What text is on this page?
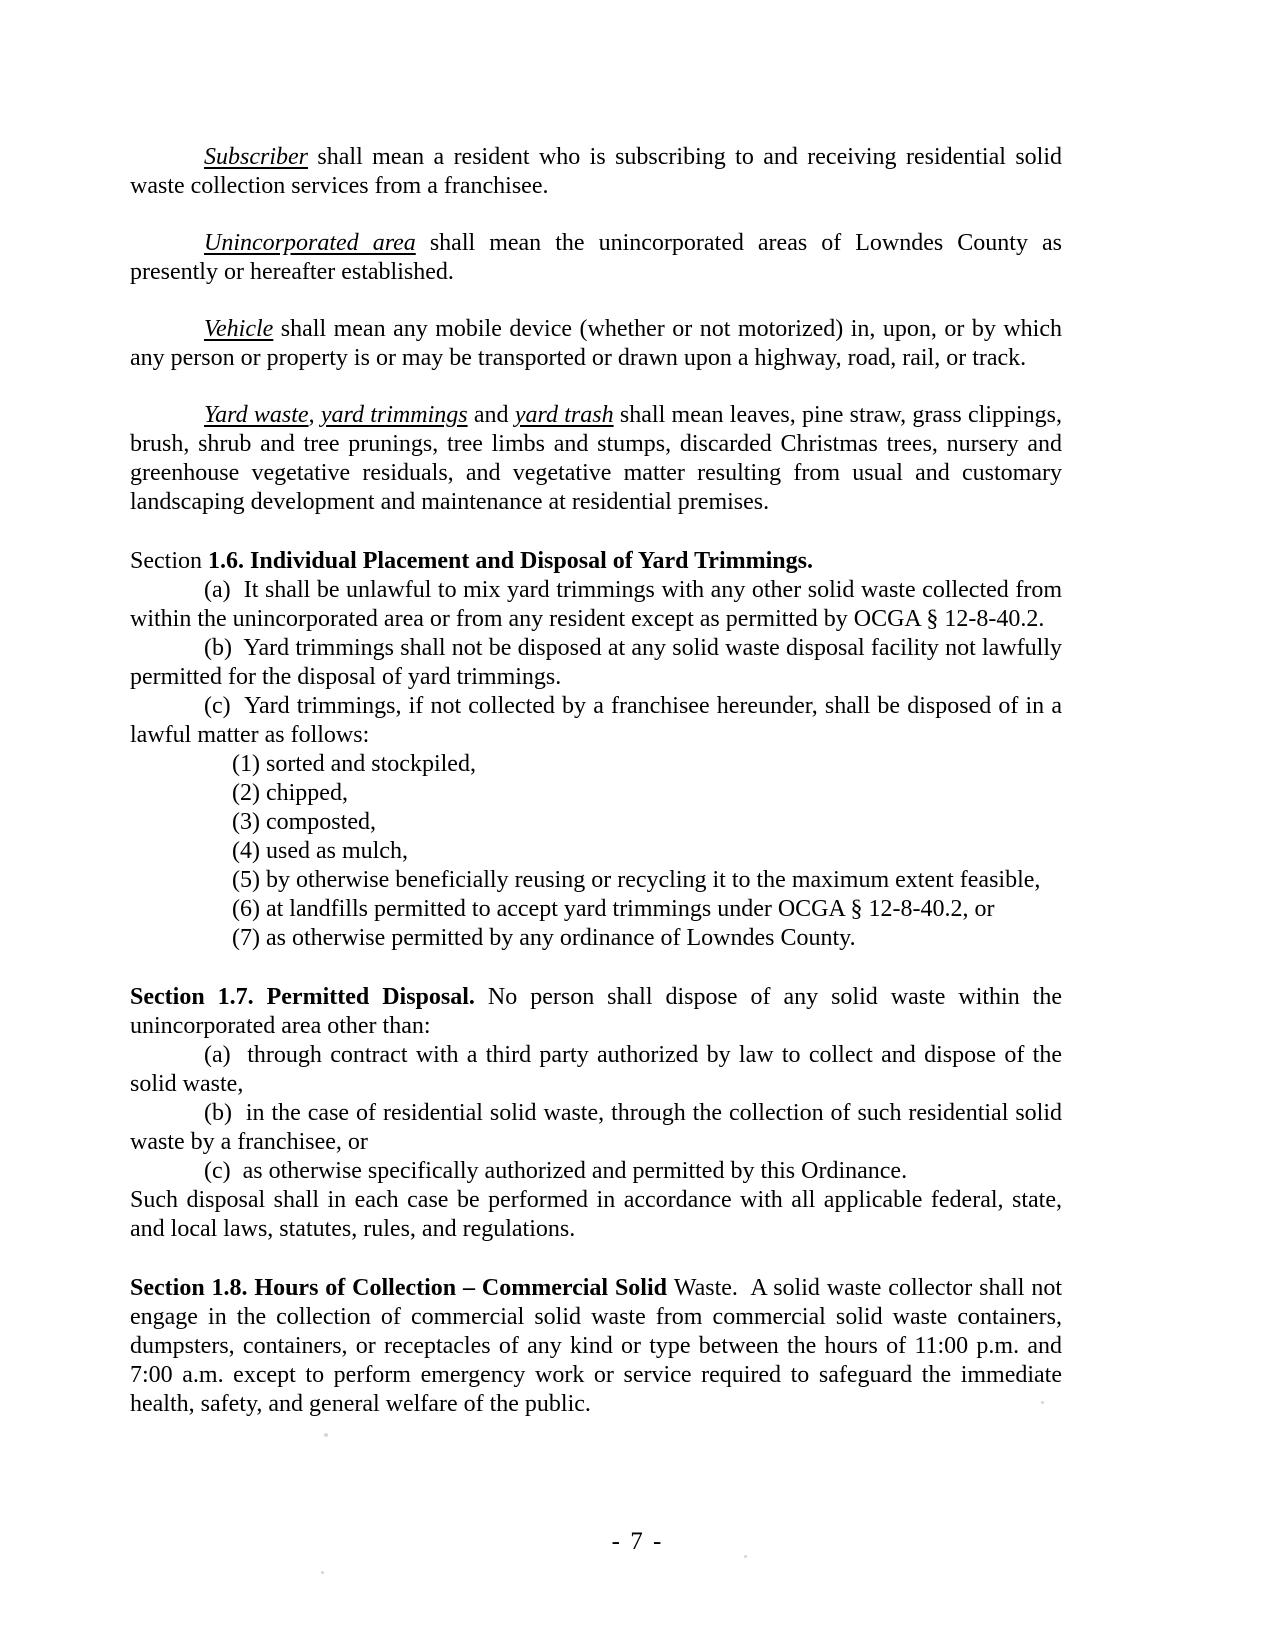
Subscriber shall mean a resident who is subscribing to and receiving residential solid waste collection services from a franchisee.

Unincorporated area shall mean the unincorporated areas of Lowndes County as presently or hereafter established.

Vehicle shall mean any mobile device (whether or not motorized) in, upon, or by which any person or property is or may be transported or drawn upon a highway, road, rail, or track.

Yard waste, yard trimmings and yard trash shall mean leaves, pine straw, grass clippings, brush, shrub and tree prunings, tree limbs and stumps, discarded Christmas trees, nursery and greenhouse vegetative residuals, and vegetative matter resulting from usual and customary landscaping development and maintenance at residential premises.

Section 1.6. Individual Placement and Disposal of Yard Trimmings.

(a)  It shall be unlawful to mix yard trimmings with any other solid waste collected from within the unincorporated area or from any resident except as permitted by OCGA § 12-8-40.2.

(b)  Yard trimmings shall not be disposed at any solid waste disposal facility not lawfully permitted for the disposal of yard trimmings.

(c)  Yard trimmings, if not collected by a franchisee hereunder, shall be disposed of in a lawful matter as follows:

(1) sorted and stockpiled,

(2) chipped,

(3) composted,

(4) used as mulch,

(5) by otherwise beneficially reusing or recycling it to the maximum extent feasible,

(6) at landfills permitted to accept yard trimmings under OCGA § 12-8-40.2, or

(7) as otherwise permitted by any ordinance of Lowndes County.

Section 1.7. Permitted Disposal. No person shall dispose of any solid waste within the unincorporated area other than:

(a)  through contract with a third party authorized by law to collect and dispose of the solid waste,

(b)  in the case of residential solid waste, through the collection of such residential solid waste by a franchisee, or

(c)  as otherwise specifically authorized and permitted by this Ordinance.

Such disposal shall in each case be performed in accordance with all applicable federal, state, and local laws, statutes, rules, and regulations.

Section 1.8. Hours of Collection – Commercial Solid Waste.  A solid waste collector shall not engage in the collection of commercial solid waste from commercial solid waste containers, dumpsters, containers, or receptacles of any kind or type between the hours of 11:00 p.m. and 7:00 a.m. except to perform emergency work or service required to safeguard the immediate health, safety, and general welfare of the public.

- 7 -
